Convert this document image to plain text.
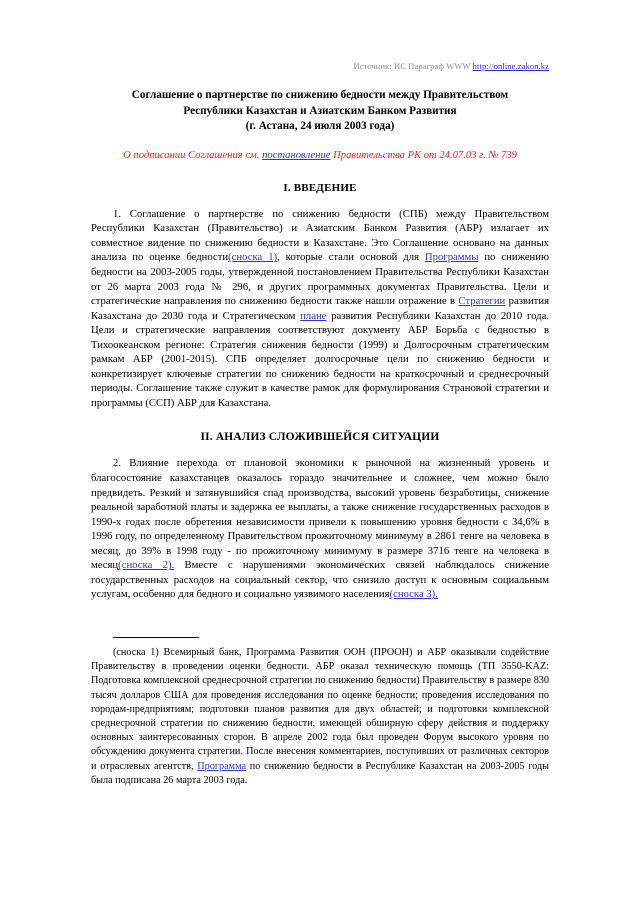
Источник: ИС Параграф WWW http://online.zakon.kz
Соглашение о партнерстве по снижению бедности между Правительством
Республики Казахстан и Азиатским Банком Развития
(г. Астана, 24 июля 2003 года)
О подписании Соглашения см. постановление Правительства РК от 24.07.03 г. № 739
I. ВВЕДЕНИЕ

1. Соглашение о партнерстве по снижению бедности (СПБ) между Правительством Республики Казахстан (Правительство) и Азиатским Банком Развития (АБР) излагает их совместное видение по снижению бедности в Казахстане. Это Соглашение основано на данных анализа по оценке бедности(сноска 1), которые стали основой для Программы по снижению бедности на 2003-2005 годы, утвержденной постановлением Правительства Республики Казахстан от 26 марта 2003 года № 296, и других программных документах Правительства. Цели и стратегические направления по снижению бедности также нашли отражение в Стратегии развития Казахстана до 2030 года и Стратегическом плане развития Республики Казахстан до 2010 года. Цели и стратегические направления соответствуют документу АБР Борьба с бедностью в Тихоокеанском регионе: Стратегия снижения бедности (1999) и Долгосрочным стратегическим рамкам АБР (2001-2015). СПБ определяет долгосрочные цели по снижению бедности и конкретизирует ключевые стратегии по снижению бедности на краткосрочный и среднесрочный периоды. Соглашение также служит в качестве рамок для формулирования Страновой стратегии и программы (ССП) АБР для Казахстана.

II. АНАЛИЗ СЛОЖИВШЕЙСЯ СИТУАЦИИ

2. Влияние перехода от плановой экономики к рыночной на жизненный уровень и благосостояние казахстанцев оказалось гораздо значительнее и сложнее, чем можно было предвидеть. Резкий и затянувшийся спад производства, высокий уровень безработицы, снижение реальной заработной платы и задержка ее выплаты, а также снижение государственных расходов в 1990-х годах после обретения независимости привели к повышению уровня бедности с 34,6% в 1996 году, по определенному Правительством прожиточному минимуму в 2861 тенге на человека в месяц, до 39% в 1998 году - по прожиточному минимуму в размере 3716 тенге на человека в месяц(сноска 2). Вместе с нарушениями экономических связей наблюдалось снижение государственных расходов на социальный сектор, что снизило доступ к основным социальным услугам, особенно для бедного и социально уязвимого населения(сноска 3).

(сноска 1) Всемирный банк, Программа Развития ООН (ПРООН) и АБР оказывали содействие Правительству в проведении оценки бедности. АБР оказал техническую помощь (ТП 3550-KAZ: Подготовка комплексной среднесрочной стратегии по снижению бедности) Правительству в размере 830 тысяч долларов США для проведения исследования по оценке бедности; проведения исследования по городам-предприятиям; подготовки планов развития для двух областей; и подготовки комплексной среднесрочной стратегии по снижению бедности, имеющей обширную сферу действия и поддержку основных заинтересованных сторон. В апреле 2002 года был проведен Форум высокого уровня по обсуждению документа стратегии. После внесения комментариев, поступивших от различных секторов и отраслевых агентств, Программа по снижению бедности в Республике Казахстан на 2003-2005 годы была подписана 26 марта 2003 года.
